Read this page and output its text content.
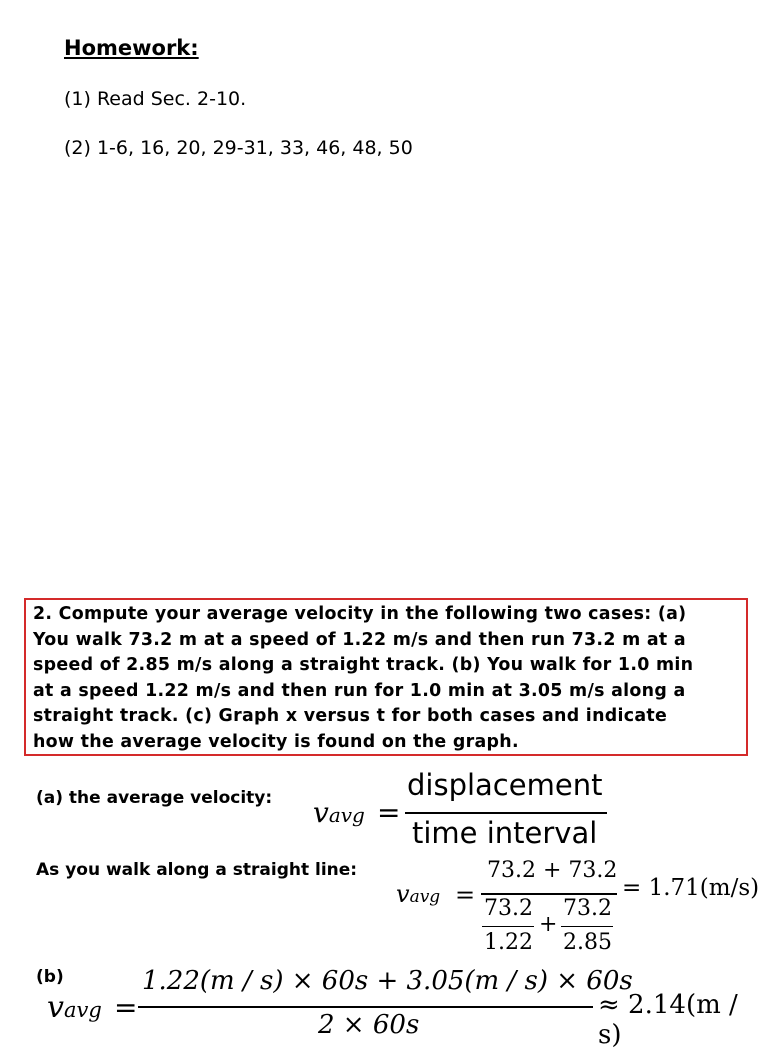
Homework:
(1) Read Sec. 2-10.
(2) 1-6, 16, 20, 29-31, 33, 46, 48, 50
2. Compute your average velocity in the following two cases: (a)
You walk 73.2 m at a speed of 1.22 m/s and then run 73.2 m at a
speed of 2.85 m/s along a straight track. (b) You walk for 1.0 min
at a speed 1.22 m/s and then run for 1.0 min at 3.05 m/s along a
straight track. (c) Graph x versus t for both cases and indicate
how the average velocity is found on the graph.
(a) the average velocity: vavg =
displacement
time interval
As you walk along a straight line:
vavg =
73.2 + 73.2
73.2
1.22
+
73.2
2.85
= 1.71(m/s)
(b)
vavg =
1.22(m / s) × 60s + 3.05(m / s) × 60s
2 × 60s
≈ 2.14(m / s)
